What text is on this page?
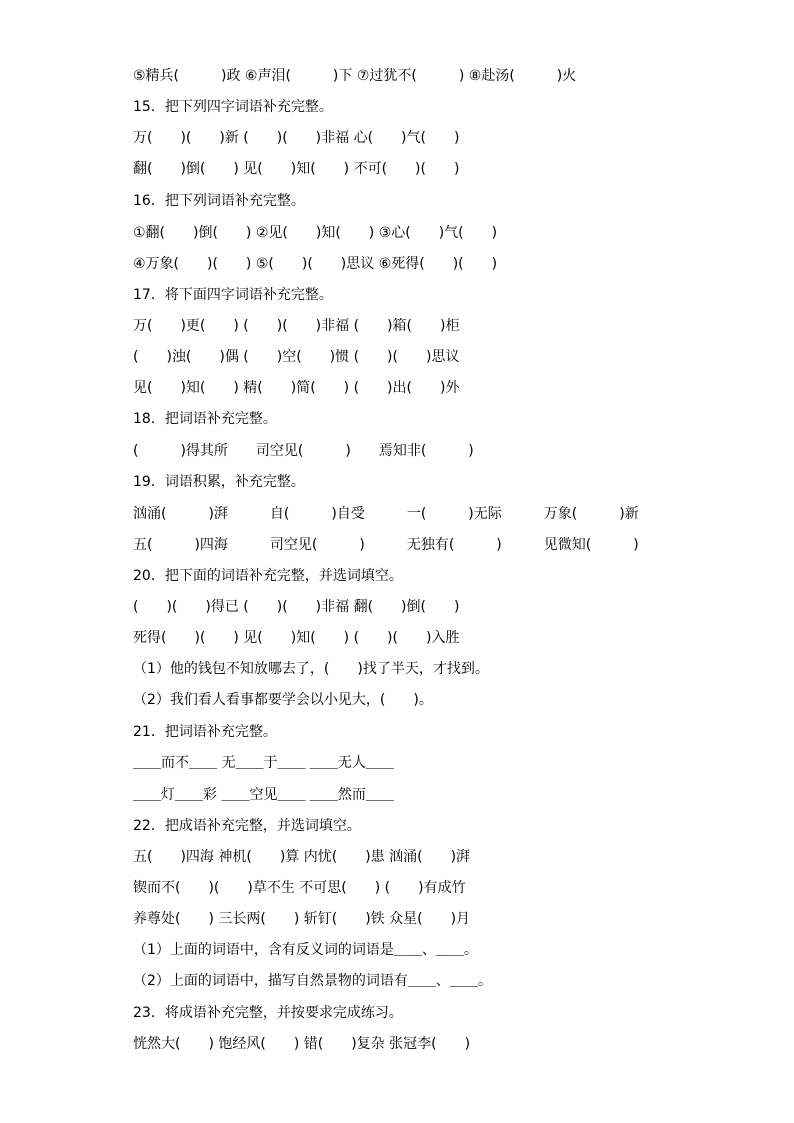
⑤精兵(　　　)政 ⑥声泪(　　　)下 ⑦过犹不(　　　) ⑧赴汤(　　　)火
15．把下列四字词语补充完整。
万(　　)(　　)新 (　　)(　　)非福 心(　　)气(　　)
翻(　　)倒(　　) 见(　　)知(　　) 不可(　　)(　　)
16．把下列词语补充完整。
①翻(　　)倒(　　) ②见(　　)知(　　) ③心(　　)气(　　)
④万象(　　)(　　) ⑤(　　)(　　)思议 ⑥死得(　　)(　　)
17．将下面四字词语补充完整。
万(　　)更(　　) (　　)(　　)非福 (　　)箱(　　)柜
(　　)浊(　　)偶 (　　)空(　　)惯 (　　)(　　)思议
见(　　)知(　　) 精(　　)简(　　) (　　)出(　　)外
18．把词语补充完整。
(　　　)得其所　　司空见(　　　)　　焉知非(　　　)
19．词语积累，补充完整。
汹涌(　　　)湃　　　自(　　　)自受　　　一(　　　)无际　　　万象(　　　)新
五(　　　)四海　　　司空见(　　　)　　　无独有(　　　)　　　见微知(　　　)
20．把下面的词语补充完整，并选词填空。
(　　)(　　)得已 (　　)(　　)非福 翻(　　)倒(　　)
死得(　　)(　　) 见(　　)知(　　) (　　)(　　)入胜
（1）他的钱包不知放哪去了，(　　)找了半天，才找到。
（2）我们看人看事都要学会以小见大，(　　)。
21．把词语补充完整。
＿＿而不＿＿ 无＿＿于＿＿ ＿＿无人＿＿
＿＿灯＿＿彩 ＿＿空见＿＿ ＿＿然而＿＿
22．把成语补充完整，并选词填空。
五(　　)四海 神机(　　)算 内忧(　　)患 汹涌(　　)湃
锲而不(　　)(　　)草不生 不可思(　　) (　　)有成竹
养尊处(　　) 三长两(　　) 斩钉(　　)铁 众星(　　)月
（1）上面的词语中，含有反义词的词语是＿＿、＿＿。
（2）上面的词语中，描写自然景物的词语有＿＿、＿＿。
23．将成语补充完整，并按要求完成练习。
恍然大(　　) 饱经风(　　) 错(　　)复杂 张冠李(　　)
